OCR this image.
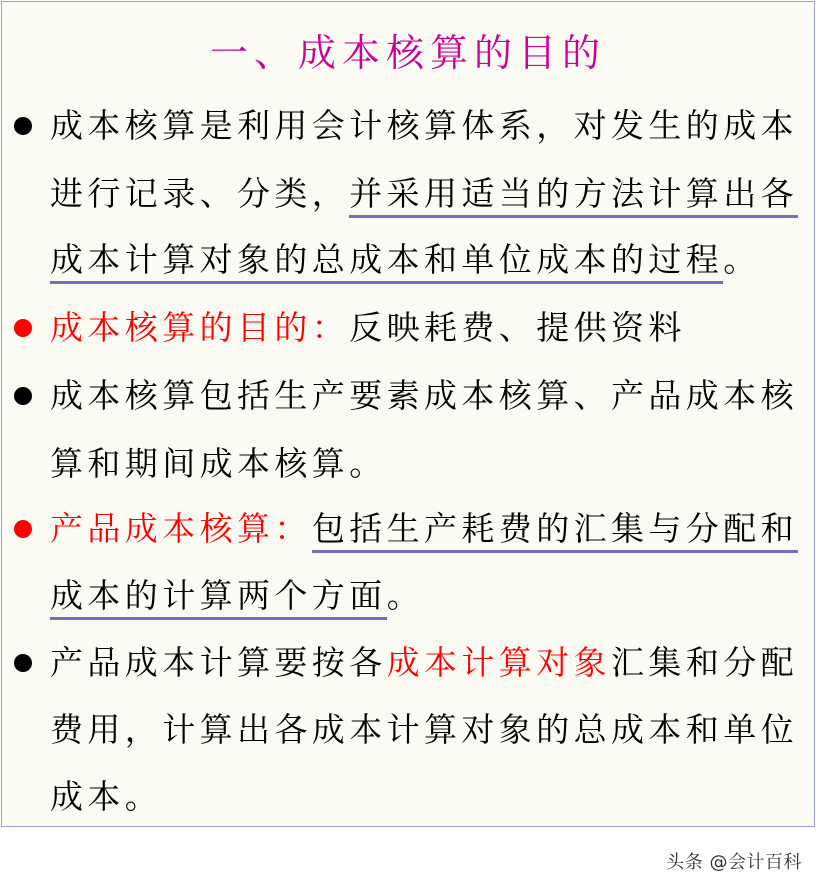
一、成本核算的目的
成本核算是利用会计核算体系，对发生的成本
进行记录、分类，并采用适当的方法计算出各
成本计算对象的总成本和单位成本的过程。
成本核算的目的：反映耗费、提供资料
成本核算包括生产要素成本核算、产品成本核
算和期间成本核算。
产品成本核算：包括生产耗费的汇集与分配和
成本的计算两个方面。
产品成本计算要按各成本计算对象汇集和分配
费用，计算出各成本计算对象的总成本和单位
成本。
头条 @会计百科
